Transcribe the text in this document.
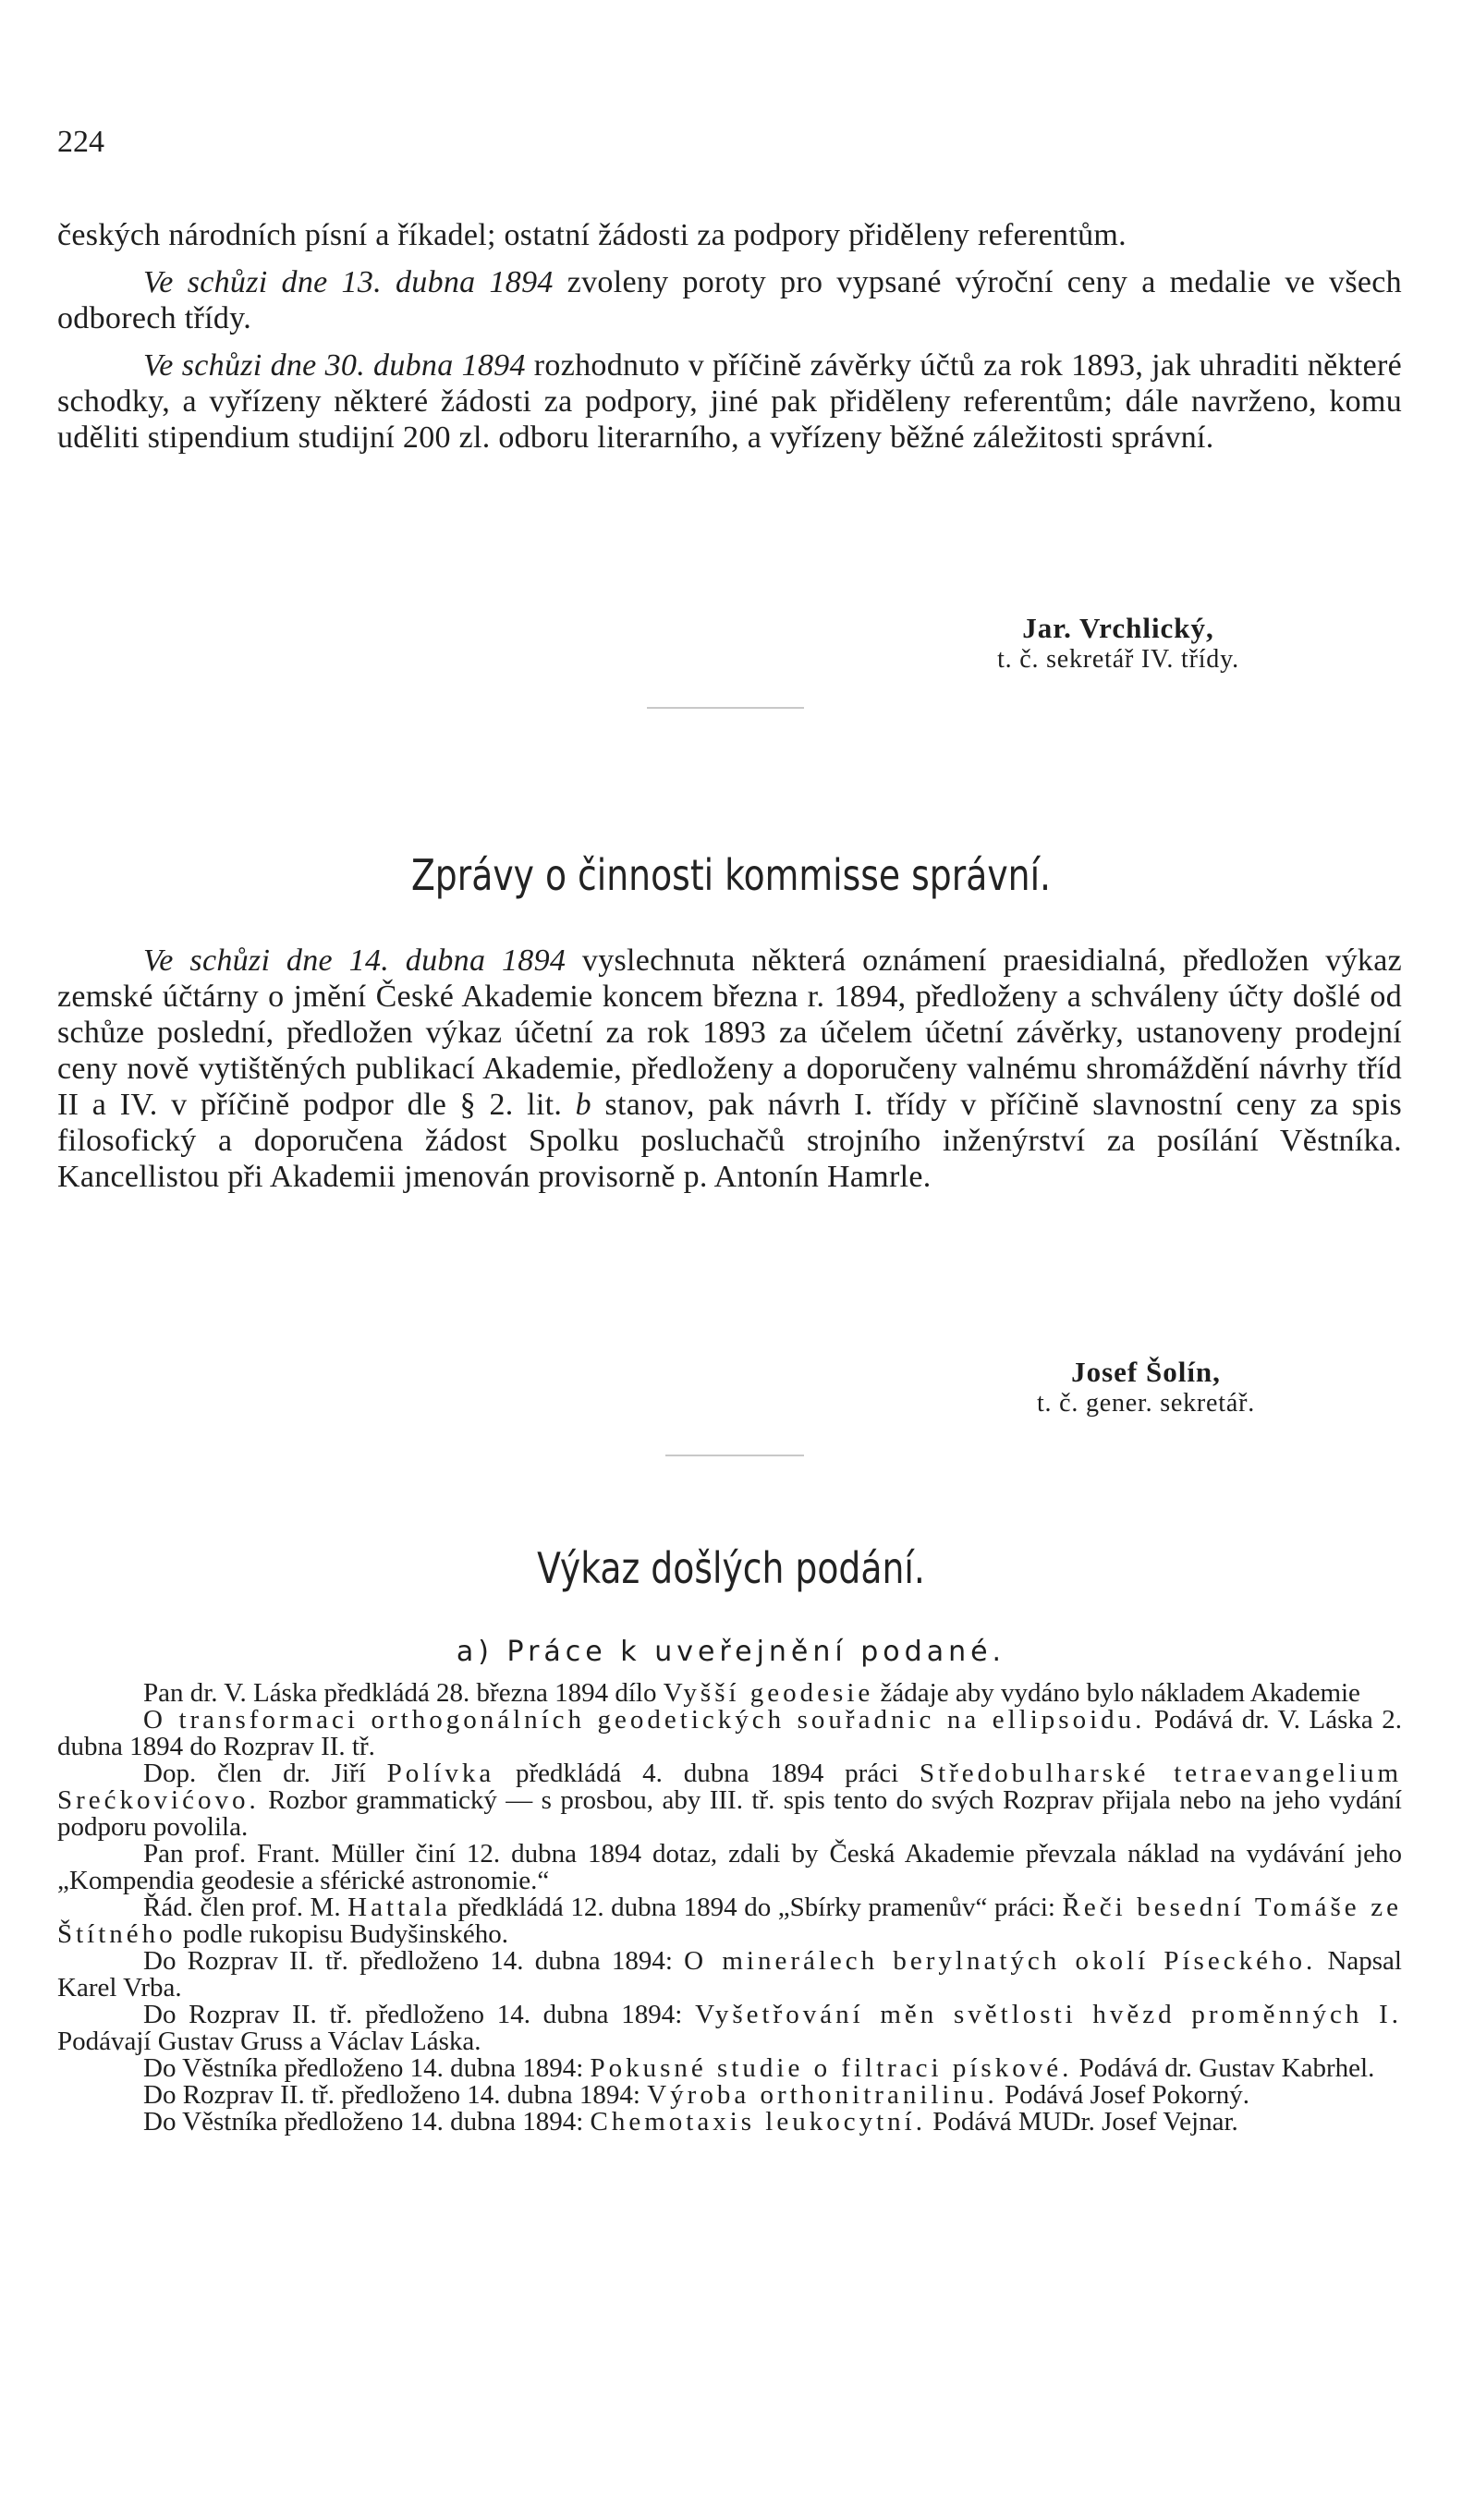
224

českých národních písní a říkadel; ostatní žádosti za podpory přiděleny referentům.

Ve schůzi dne 13. dubna 1894 zvoleny poroty pro vypsané výroční ceny a medalie ve všech odborech třídy.

Ve schůzi dne 30. dubna 1894 rozhodnuto v příčině závěrky účtů za rok 1893, jak uhraditi některé schodky, a vyřízeny některé žádosti za podpory, jiné pak přiděleny referentům; dále navrženo, komu uděliti stipendium studijní 200 zl. odboru literarního, a vyřízeny běžné záležitosti správní.

Jar. Vrchlický,
t. č. sekretář IV. třídy.
Zprávy o činnosti kommisse správní.

Ve schůzi dne 14. dubna 1894 vyslechnuta některá oznámení praesidialná, předložen výkaz zemské účtárny o jmění České Akademie koncem března r. 1894, předloženy a schváleny účty došlé od schůze poslední, předložen výkaz účetní za rok 1893 za účelem účetní závěrky, ustanoveny prodejní ceny nově vytištěných publikací Akademie, předloženy a doporučeny valnému shromáždění návrhy tříd II a IV. v příčině podpor dle § 2. lit. b stanov, pak návrh I. třídy v příčině slavnostní ceny za spis filosofický a doporučena žádost Spolku posluchačů strojního inženýrství za posílání Věstníka. Kancellistou při Akademii jmenován provisorně p. Antonín Hamrle.

Josef Šolín,
t. č. gener. sekretář.
Výkaz došlých podání.
a) Práce k uveřejnění podané.

Pan dr. V. Láska předkládá 28. března 1894 dílo Vyšší geodesie žádaje aby vydáno bylo nákladem Akademie

O transformaci orthogonálních geodetických souřadnic na ellipsoidu. Podává dr. V. Láska 2. dubna 1894 do Rozprav II. tř.

Dop. člen dr. Jiří Polívka předkládá 4. dubna 1894 práci Středobulharské tetraevangelium Srećkovićovo. Rozbor grammatický — s prosbou, aby III. tř. spis tento do svých Rozprav přijala nebo na jeho vydání podporu povolila.

Pan prof. Frant. Müller činí 12. dubna 1894 dotaz, zdali by Česká Akademie převzala náklad na vydávání jeho „Kompendia geodesie a sférické astronomie.“

Řád. člen prof. M. Hattala předkládá 12. dubna 1894 do „Sbírky pramenův“ práci: Řeči besední Tomáše ze Štítného podle rukopisu Budyšinského.

Do Rozprav II. tř. předloženo 14. dubna 1894: O minerálech berylnatých okolí Píseckého. Napsal Karel Vrba.

Do Rozprav II. tř. předloženo 14. dubna 1894: Vyšetřování měn světlosti hvězd proměnných I. Podávají Gustav Gruss a Václav Láska.

Do Věstníka předloženo 14. dubna 1894: Pokusné studie o filtraci pískové. Podává dr. Gustav Kabrhel.

Do Rozprav II. tř. předloženo 14. dubna 1894: Výroba orthonitranilinu. Podává Josef Pokorný.

Do Věstníka předloženo 14. dubna 1894: Chemotaxis leukocytní. Podává MUDr. Josef Vejnar.
